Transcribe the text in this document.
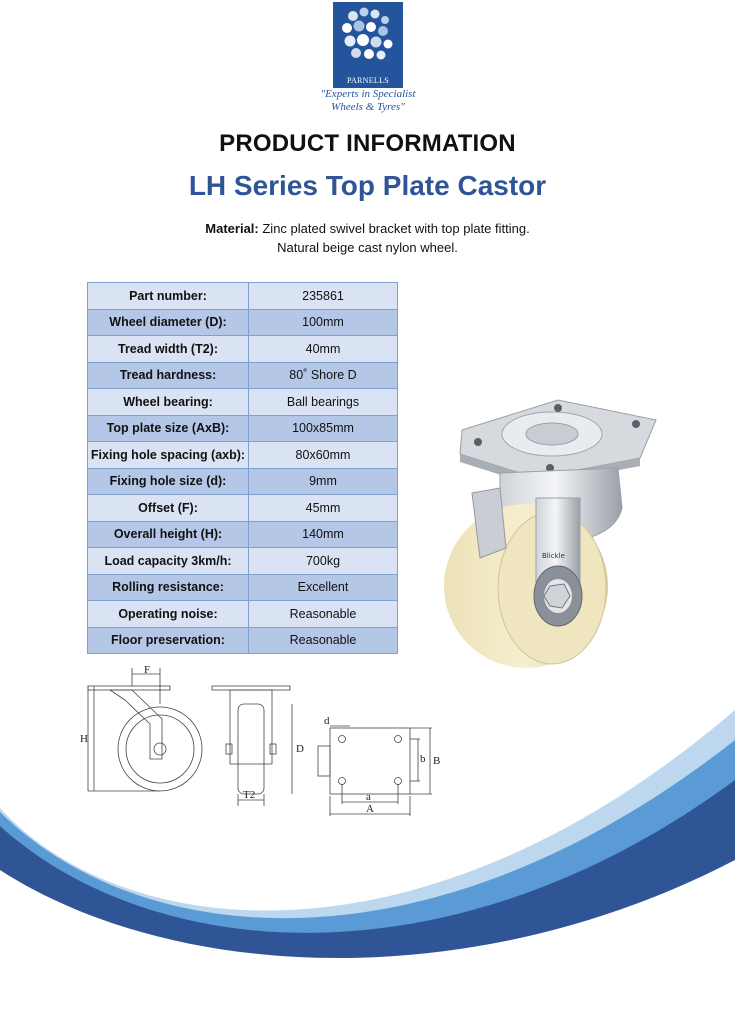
PARNELLS
"Experts in Specialist
Wheels & Tyres"
PRODUCT INFORMATION
LH Series Top Plate Castor
Material: Zinc plated swivel bracket with top plate fitting.
Natural beige cast nylon wheel.
Part number:	235861
Wheel diameter (D):	100mm
Tread width (T2):	40mm
Tread hardness:	80˚ Shore D
Wheel bearing:	Ball bearings
Top plate size (AxB):	100x85mm
Fixing hole spacing (axb):	80x60mm
Fixing hole size (d):	9mm
Offset (F):	45mm
Overall height (H):	140mm
Load capacity 3km/h:	700kg
Rolling resistance:	Excellent
Operating noise:	Reasonable
Floor preservation:	Reasonable
Blickle
F
H
D
T2
d
b B
a
A
